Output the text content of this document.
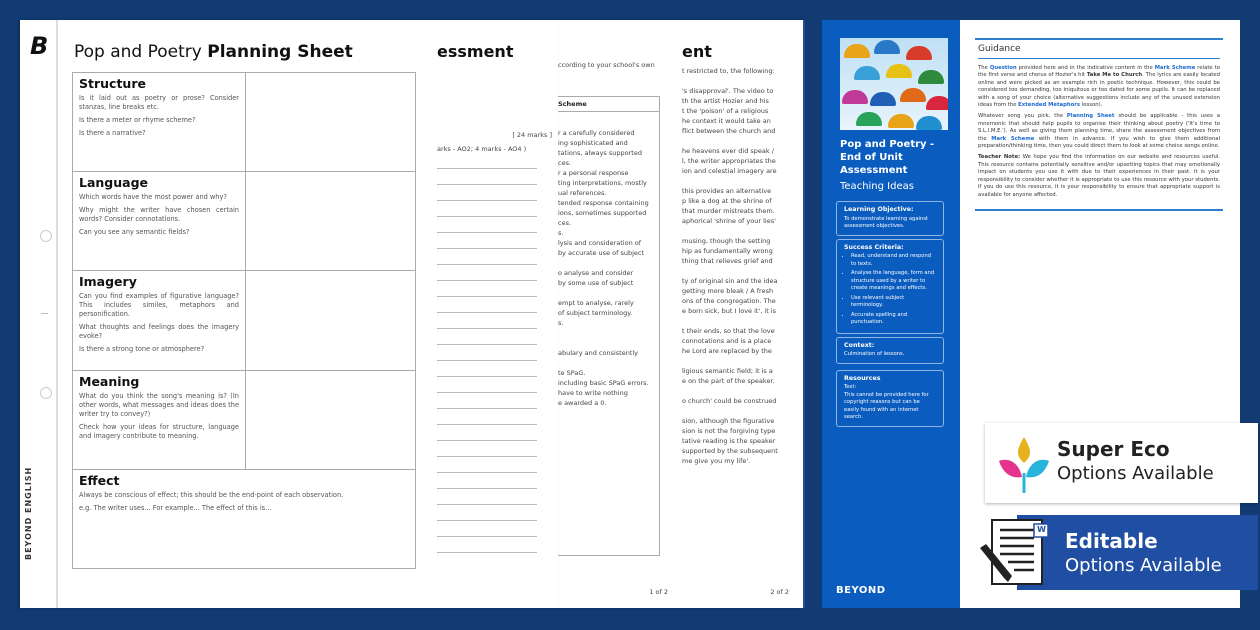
B
BEYOND ENGLISH
Pop and Poetry Planning Sheet
Structure
Is it laid out as poetry or prose? Consider stanzas, line breaks etc.
Is there a meter or rhyme scheme?
Is there a narrative?
Language
Which words have the most power and why?
Why might the writer have chosen certain words? Consider connotations.
Can you see any semantic fields?
Imagery
Can you find examples of figurative language? This includes similes, metaphors and personification.
What thoughts and feelings does the imagery evoke?
Is there a strong tone or atmosphere?
Meaning
What do you think the song's meaning is? (In other words, what messages and ideas does the writer try to convey?)
Check how your ideas for structure, language and imagery contribute to meaning.
Effect
Always be conscious of effect; this should be the end-point of each observation.
e.g. The writer uses... For example... The effect of this is...
essment
[ 24 marks ]
arks - AO2; 4 marks - AO4 )
ccording to your school's own
Scheme
r a carefully considered
ing sophisticated and
tations, always supported
ces.
r a personal response
ting interpretations, mostly
ual references.
tended response containing
ions, sometimes supported
ces.
s.
lysis and consideration of
by accurate use of subject

o analyse and consider
by some use of subject

empt to analyse, rarely
of subject terminology.
s.

abulary and consistently

te SPaG.
including basic SPaG errors.
have to write nothing
e awarded a 0.
1 of 2
ent
t restricted to, the following:

's disapproval'. The video to
th the artist Hozier and his
t the 'poison' of a religious
he context it would take an
flict between the church and

he heavens ever did speak /
l, the writer appropriates the
ion and celestial imagery are

this provides an alternative
p like a dog at the shrine of
that murder mistreats them.
aphorical 'shrine of your lies'

musing, though the setting
hip as fundamentally wrong
thing that relieves grief and

ty of original sin and the idea
getting more bleak / A fresh
ons of the congregation. The
e born sick, but I love it', it is

t their ends, so that the love
connotations and is a place
he Lord are replaced by the

ligious semantic field; it is a
e on the part of the speaker.

o church' could be construed

sion, although the figurative
sion is not the forgiving type
tative reading is the speaker
supported by the subsequent
me give you my life'.
2 of 2
Pop and Poetry - End of Unit Assessment
Teaching Ideas
Learning Objective:
To demonstrate learning against assessment objectives.
Success Criteria:
• Read, understand and respond to texts.
• Analyse the language, form and structure used by a writer to create meanings and effects.
• Use relevant subject terminology.
• Accurate spelling and punctuation.
Context:
Culmination of lessons.
Resources
Text:
This cannot be provided here for copyright reasons but can be easily found with an internet search.
BEYOND
Guidance

The Question provided here and in the indicative content in the Mark Scheme relate to the first verse and chorus of Hozier's hit Take Me to Church. The lyrics are easily located online and were picked as an example rich in poetic technique. However, this could be considered too demanding, too iniquitous or too dated for some pupils. It can be replaced with a song of your choice (alternative suggestions include any of the unused extension ideas from the Extended Metaphors lesson).

Whatever song you pick, the Planning Sheet should be applicable - this uses a mnemonic that should help pupils to organise their thinking about poetry ('It's time to S.L.I.M.E.'). As well as giving them planning time, share the assessment objectives from the Mark Scheme with them in advance. If you wish to give them additional preparation/thinking time, then you could direct them to look at some choice songs online.

Teacher Note: We hope you find the information on our website and resources useful. This resource contains potentially sensitive and/or upsetting topics that may emotionally impact on students you use it with due to their experiences in their past. It is your responsibility to consider whether it is appropriate to use this resource with your students. If you do use this resource, it is your responsibility to ensure that appropriate support is available for anyone affected.

Super Eco
Options Available
Editable
Options Available
W
